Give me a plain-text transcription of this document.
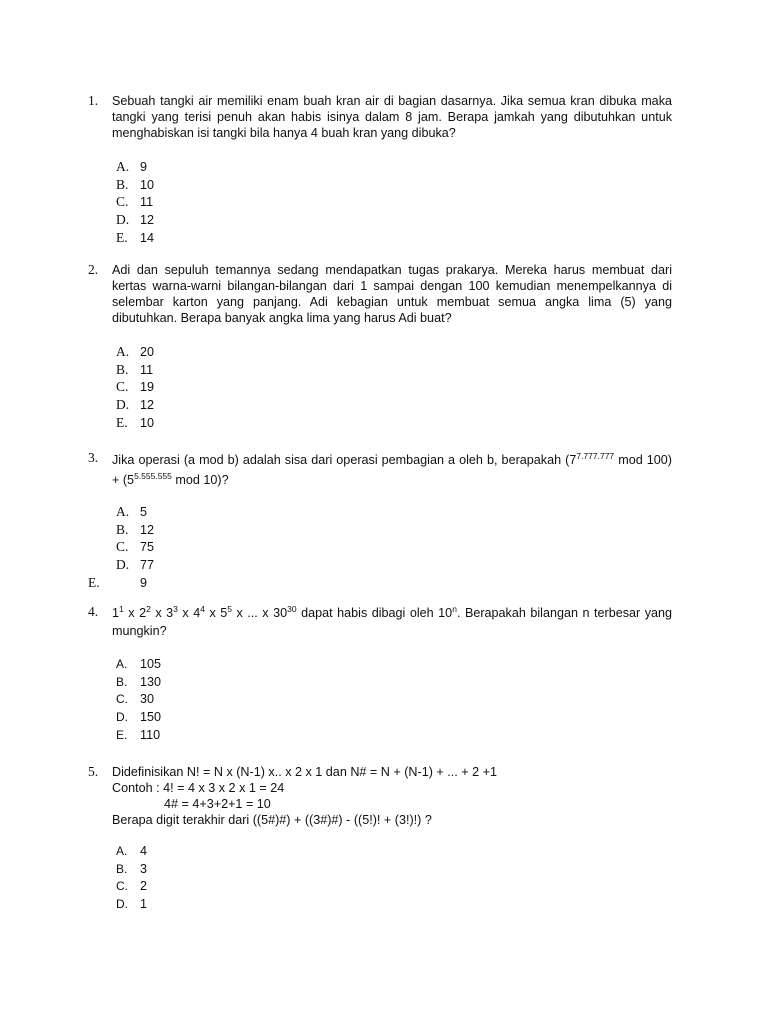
1. Sebuah tangki air memiliki enam buah kran air di bagian dasarnya. Jika semua kran dibuka maka tangki yang terisi penuh akan habis isinya dalam 8 jam. Berapa jamkah yang dibutuhkan untuk menghabiskan isi tangki bila hanya 4 buah kran yang dibuka?
A. 9
B. 10
C. 11
D. 12
E. 14
2. Adi dan sepuluh temannya sedang mendapatkan tugas prakarya. Mereka harus membuat dari kertas warna-warni bilangan-bilangan dari 1 sampai dengan 100 kemudian menempelkannya di selembar karton yang panjang. Adi kebagian untuk membuat semua angka lima (5) yang dibutuhkan. Berapa banyak angka lima yang harus Adi buat?
A. 20
B. 11
C. 19
D. 12
E. 10
3. Jika operasi (a mod b) adalah sisa dari operasi pembagian a oleh b, berapakah ($7^{7.777.777}$ mod $100) + (5^{5.555.555}$ mod 10)?
A. 5
B. 12
C. 75
D. 77
E.	9
4. $1^1$ x $2^2$ x $3^3$ x $4^4$ x $5^5$ x ... x $30^{30}$ dapat habis dibagi oleh 10$^n$. Berapakah bilangan n terbesar yang mungkin?
A. 105
B. 130
C. 30
D. 150
E. 110
5. Didefinisikan N! = N x (N-1) x.. x 2 x 1 dan N# = N + (N-1) + ... + 2 +1
Contoh : 4! = 4 x 3 x 2 x 1 = 24
4# = 4+3+2+1 = 10
Berapa digit terakhir dari ((5#)#) + ((3#)#) - ((5!)! + (3!)!) ?
A. 4
B. 3
C. 2
D. 1
